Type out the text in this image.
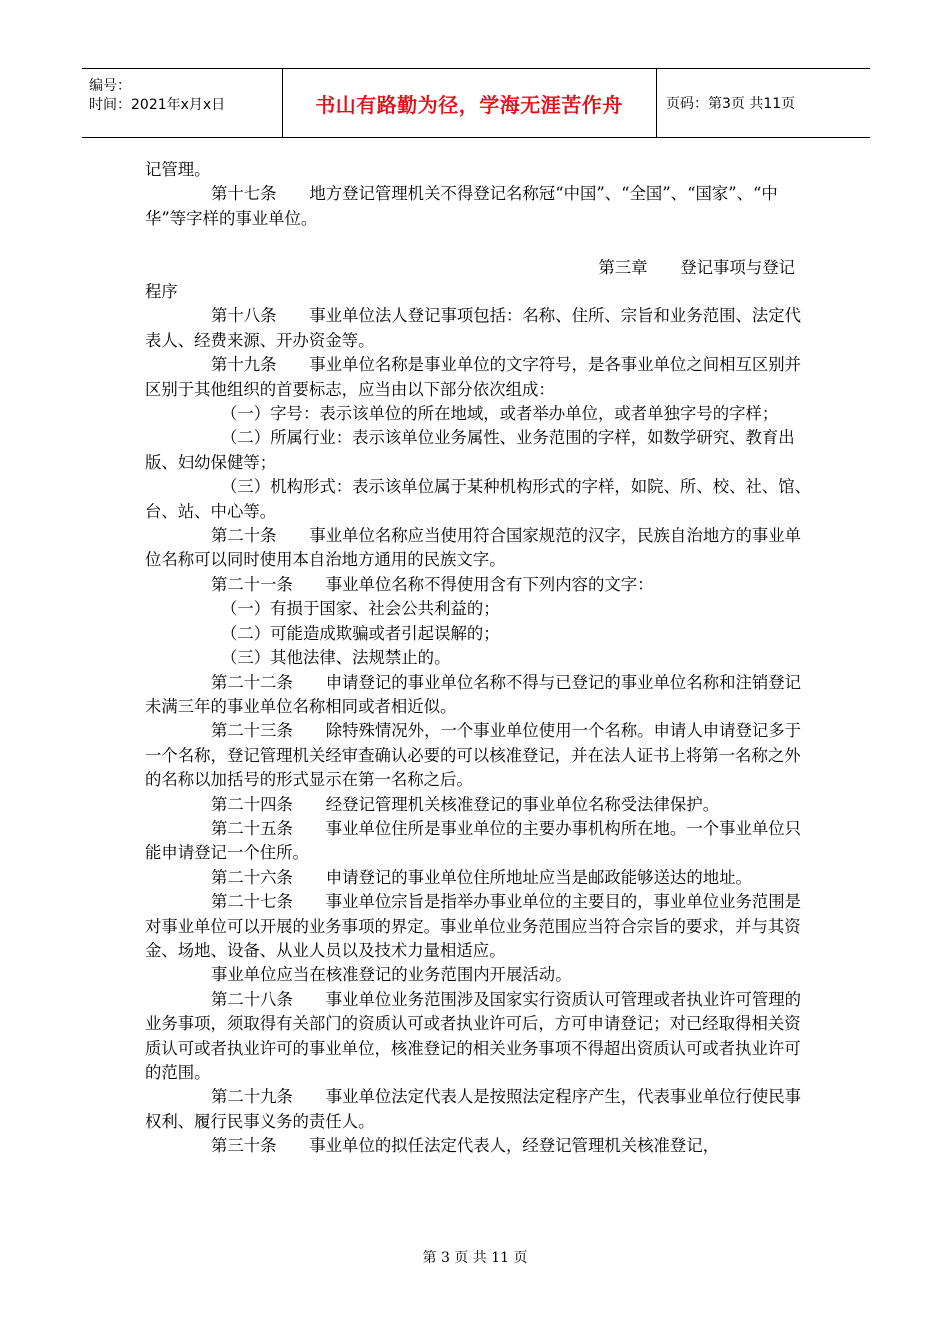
编号：
时间：2021年x月x日	书山有路勤为径，学海无涯苦作舟	页码：第3页 共11页

记管理。

第十七条　　地方登记管理机关不得登记名称冠“中国”、“全国”、“国家”、“中华”等字样的事业单位。

第三章　　登记事项与登记

程序

第十八条　　事业单位法人登记事项包括：名称、住所、宗旨和业务范围、法定代表人、经费来源、开办资金等。

第十九条　　事业单位名称是事业单位的文字符号，是各事业单位之间相互区别并区别于其他组织的首要标志，应当由以下部分依次组成：

（一）字号：表示该单位的所在地域，或者举办单位，或者单独字号的字样；

（二）所属行业：表示该单位业务属性、业务范围的字样，如数学研究、教育出版、妇幼保健等；

（三）机构形式：表示该单位属于某种机构形式的字样，如院、所、校、社、馆、台、站、中心等。

第二十条　　事业单位名称应当使用符合国家规范的汉字，民族自治地方的事业单位名称可以同时使用本自治地方通用的民族文字。

第二十一条　　事业单位名称不得使用含有下列内容的文字：

（一）有损于国家、社会公共利益的；

（二）可能造成欺骗或者引起误解的；

（三）其他法律、法规禁止的。

第二十二条　　申请登记的事业单位名称不得与已登记的事业单位名称和注销登记未满三年的事业单位名称相同或者相近似。

第二十三条　　除特殊情况外，一个事业单位使用一个名称。申请人申请登记多于一个名称，登记管理机关经审查确认必要的可以核准登记，并在法人证书上将第一名称之外的名称以加括号的形式显示在第一名称之后。

第二十四条　　经登记管理机关核准登记的事业单位名称受法律保护。

第二十五条　　事业单位住所是事业单位的主要办事机构所在地。一个事业单位只能申请登记一个住所。

第二十六条　　申请登记的事业单位住所地址应当是邮政能够送达的地址。

第二十七条　　事业单位宗旨是指举办事业单位的主要目的，事业单位业务范围是对事业单位可以开展的业务事项的界定。事业单位业务范围应当符合宗旨的要求，并与其资金、场地、设备、从业人员以及技术力量相适应。

事业单位应当在核准登记的业务范围内开展活动。

第二十八条　　事业单位业务范围涉及国家实行资质认可管理或者执业许可管理的业务事项，须取得有关部门的资质认可或者执业许可后，方可申请登记；对已经取得相关资质认可或者执业许可的事业单位，核准登记的相关业务事项不得超出资质认可或者执业许可的范围。

第二十九条　　事业单位法定代表人是按照法定程序产生，代表事业单位行使民事权利、履行民事义务的责任人。

第三十条　　事业单位的拟任法定代表人，经登记管理机关核准登记，

第 3 页 共 11 页
